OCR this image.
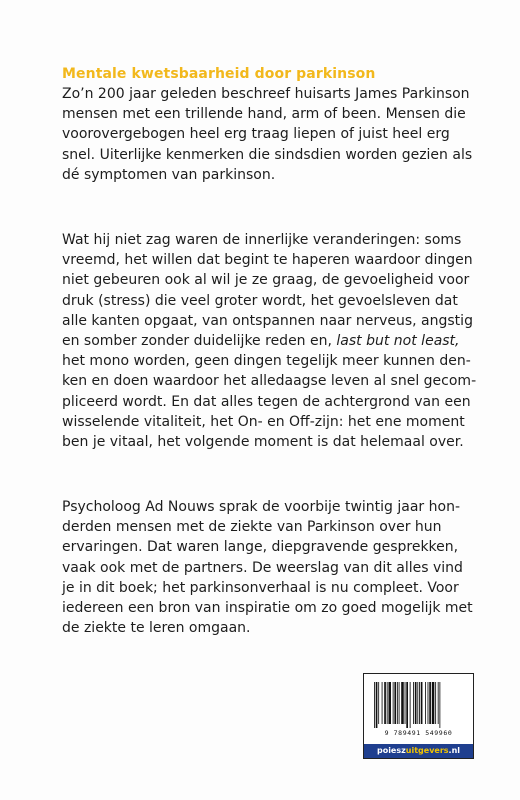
Mentale kwetsbaarheid door parkinson
Zo’n 200 jaar geleden beschreef huisarts James Parkinson
mensen met een trillende hand, arm of been. Mensen die
voorovergebogen heel erg traag liepen of juist heel erg
snel. Uiterlijke kenmerken die sindsdien worden gezien als
dé symptomen van parkinson.
Wat hij niet zag waren de innerlijke veranderingen: soms
vreemd, het willen dat begint te haperen waardoor dingen
niet gebeuren ook al wil je ze graag, de gevoeligheid voor
druk (stress) die veel groter wordt, het gevoelsleven dat
alle kanten opgaat, van ontspannen naar nerveus, angstig
en somber zonder duidelijke reden en, last but not least,
het mono worden, geen dingen tegelijk meer kunnen den-
ken en doen waardoor het alledaagse leven al snel gecom-
pliceerd wordt. En dat alles tegen de achtergrond van een
wisselende vitaliteit, het On- en Off-zijn: het ene moment
ben je vitaal, het volgende moment is dat helemaal over.
Psycholoog Ad Nouws sprak de voorbije twintig jaar hon-
derden mensen met de ziekte van Parkinson over hun
ervaringen. Dat waren lange, diepgravende gesprekken,
vaak ook met de partners. De weerslag van dit alles vind
je in dit boek; het parkinsonverhaal is nu compleet. Voor
iedereen een bron van inspiratie om zo goed mogelijk met
de ziekte te leren omgaan.
9 789491 549960
poieszuitgevers.nl
